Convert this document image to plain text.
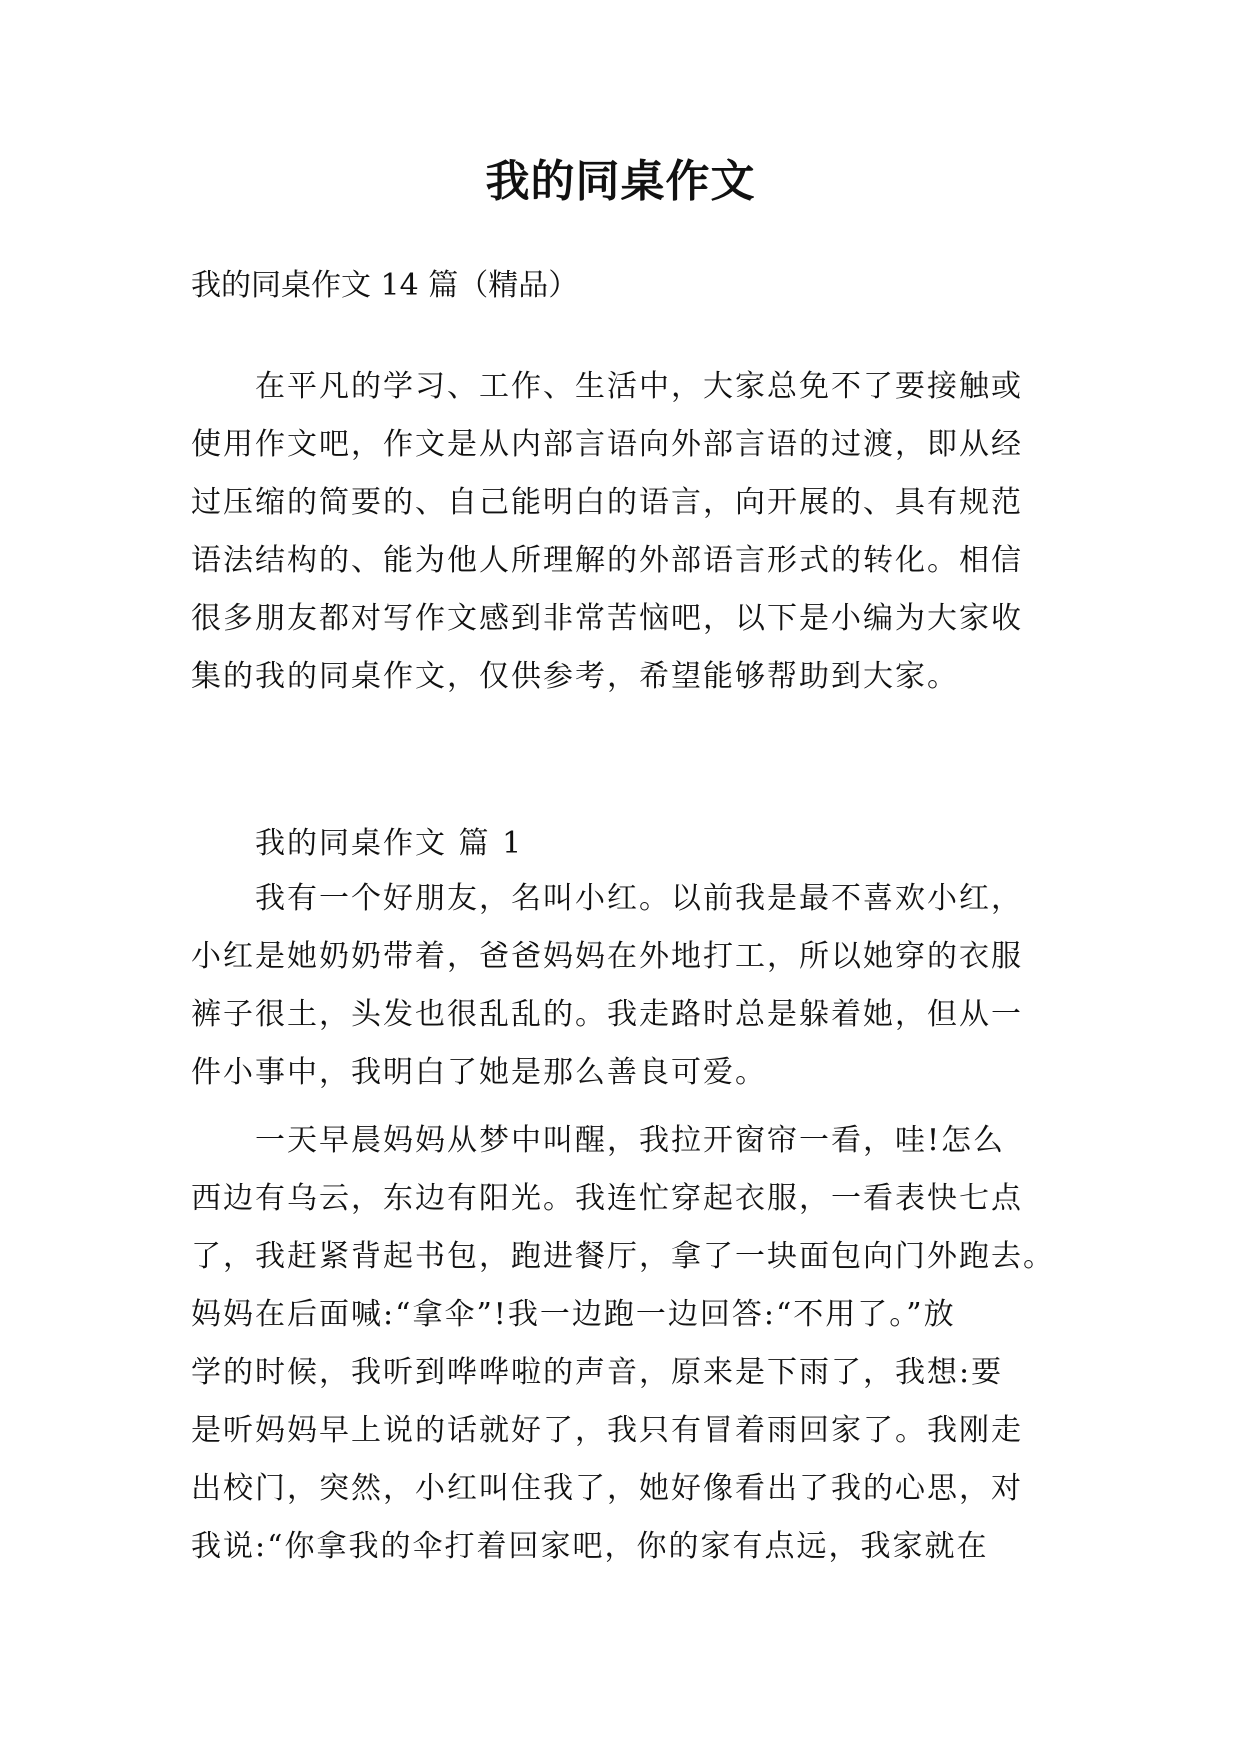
我的同桌作文
我的同桌作文 14 篇（精品）
在平凡的学习、工作、生活中，大家总免不了要接触或
使用作文吧，作文是从内部言语向外部言语的过渡，即从经
过压缩的简要的、自己能明白的语言，向开展的、具有规范
语法结构的、能为他人所理解的外部语言形式的转化。相信
很多朋友都对写作文感到非常苦恼吧，以下是小编为大家收
集的我的同桌作文，仅供参考，希望能够帮助到大家。
我的同桌作文 篇 1
我有一个好朋友，名叫小红。以前我是最不喜欢小红，
小红是她奶奶带着，爸爸妈妈在外地打工，所以她穿的衣服
裤子很土，头发也很乱乱的。我走路时总是躲着她，但从一
件小事中，我明白了她是那么善良可爱。
一天早晨妈妈从梦中叫醒，我拉开窗帘一看，哇!怎么
西边有乌云，东边有阳光。我连忙穿起衣服，一看表快七点
了，我赶紧背起书包，跑进餐厅，拿了一块面包向门外跑去。
妈妈在后面喊:“拿伞”!我一边跑一边回答:“不用了。”放
学的时候，我听到哗哗啦的声音，原来是下雨了，我想:要
是听妈妈早上说的话就好了，我只有冒着雨回家了。我刚走
出校门，突然，小红叫住我了，她好像看出了我的心思，对
我说:“你拿我的伞打着回家吧，你的家有点远，我家就在
